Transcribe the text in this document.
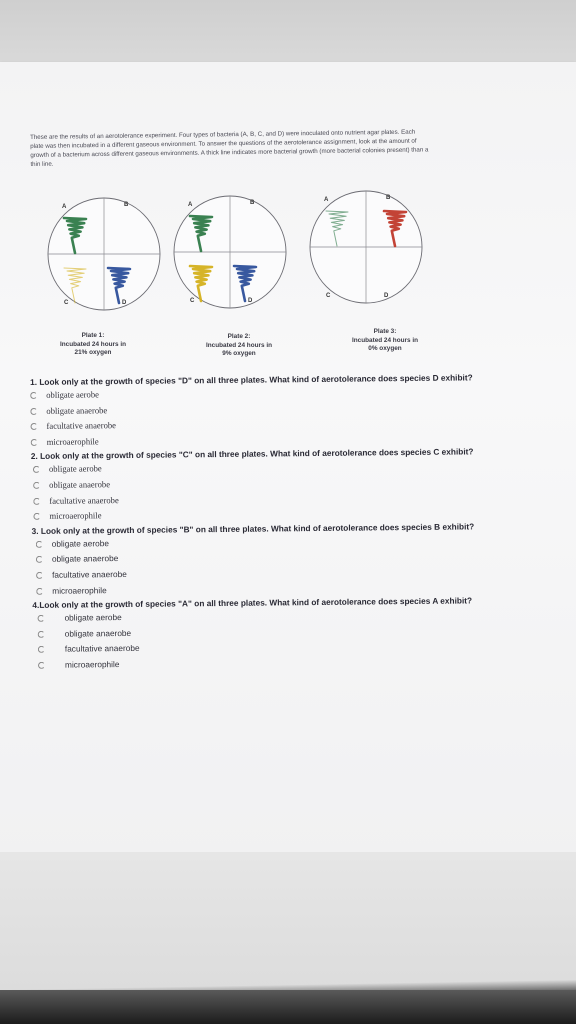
These are the results of an aerotolerance experiment. Four types of bacteria (A, B, C, and D) were inoculated onto nutrient agar plates. Each plate was then incubated in a different gaseous environment. To answer the questions of the aerotolerance assignment, look at the amount of growth of a bacterium across different gaseous environments. A thick line indicates more bacterial growth (more bacterial colonies present) than a thin line.
A	B
C	D
A	B
C	D
A	B
C	D
Plate 1:
Incubated 24 hours in
21% oxygen
Plate 2:
Incubated 24 hours in
9% oxygen
Plate 3:
Incubated 24 hours in
0% oxygen
1. Look only at the growth of species "D" on all three plates. What kind of aerotolerance does species D exhibit?
obligate aerobe
obligate anaerobe
facultative anaerobe
microaerophile
2. Look only at the growth of species "C" on all three plates. What kind of aerotolerance does species C exhibit?
obligate aerobe
obligate anaerobe
facultative anaerobe
microaerophile
3. Look only at the growth of species "B" on all three plates. What kind of aerotolerance does species B exhibit?
obligate aerobe
obligate anaerobe
facultative anaerobe
microaerophile
4.Look only at the growth of species "A" on all three plates. What kind of aerotolerance does species A exhibit?
obligate aerobe
obligate anaerobe
facultative anaerobe
microaerophile
